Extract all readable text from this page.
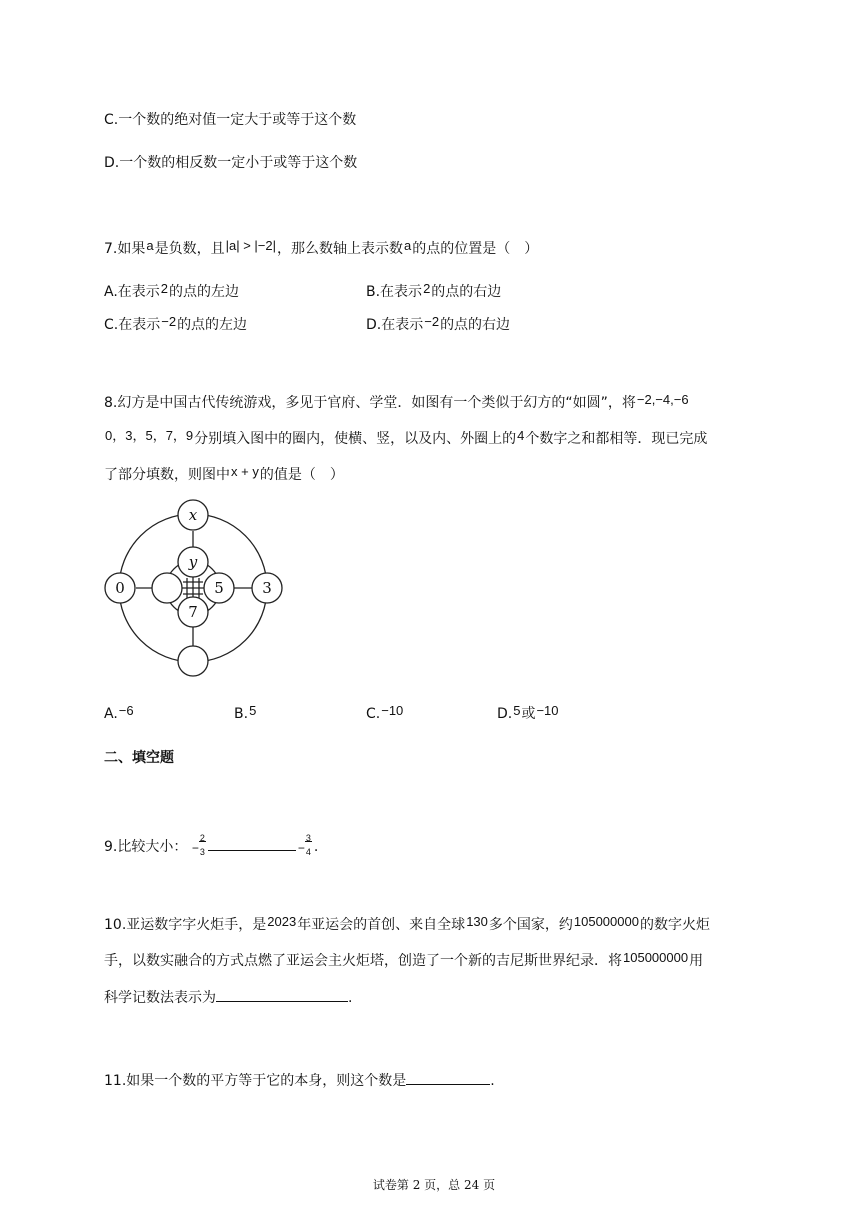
C.一个数的绝对值一定大于或等于这个数
D.一个数的相反数一定小于或等于这个数
7.如果a是负数，且|a| > |−2|，那么数轴上表示数a的点的位置是（　）
A.在表示2的点的左边	B.在表示2的点的右边
C.在表示−2的点的左边	D.在表示−2的点的右边
8.幻方是中国古代传统游戏，多见于官府、学堂．如图有一个类似于幻方的“如圆”，将−2,−4,−6
0，3，5，7，9分别填入图中的圈内，使横、竖，以及内、外圈上的4个数字之和都相等．现已完成
了部分填数，则图中x + y的值是（　）
x
y
0	5	3
7
A.−6	B.5	C.−10	D.5或−10
二、填空题
9.比较大小： −
2
3	−
3
4 .
10.亚运数字字火炬手，是2023年亚运会的首创、来自全球130多个国家，约105000000的数字火炬
手，以数实融合的方式点燃了亚运会主火炬塔，创造了一个新的吉尼斯世界纪录．将105000000用
科学记数法表示为	.
11.如果一个数的平方等于它的本身，则这个数是	.
试卷第 2 页，总 24 页
